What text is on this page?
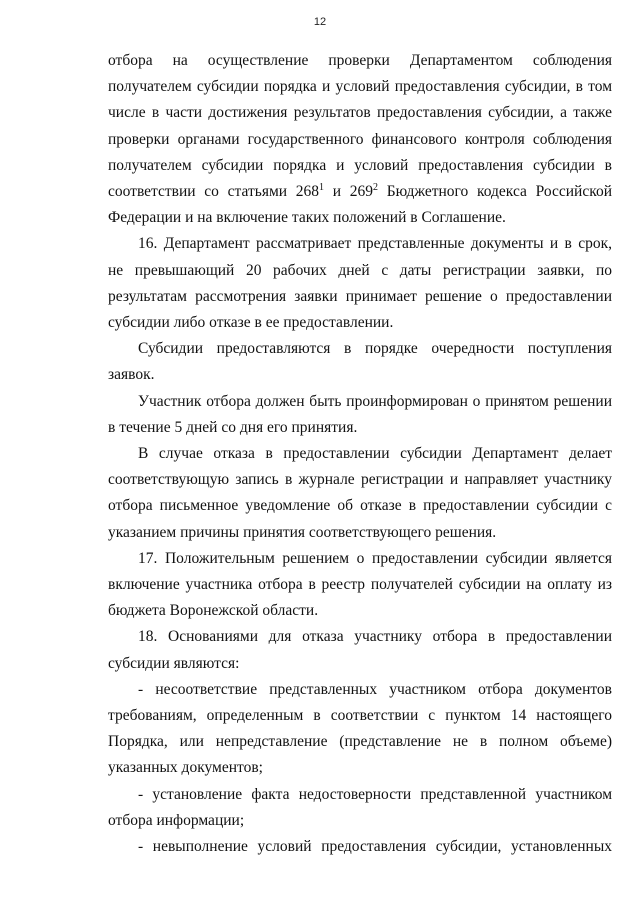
12

отбора на осуществление проверки Департаментом соблюдения получателем субсидии порядка и условий предоставления субсидии, в том числе в части достижения результатов предоставления субсидии, а также проверки органами государственного финансового контроля соблюдения получателем субсидии порядка и условий предоставления субсидии в соответствии со статьями $268^1$ и $269^2$ Бюджетного кодекса Российской Федерации и на включение таких положений в Соглашение.

16. Департамент рассматривает представленные документы и в срок, не превышающий 20 рабочих дней с даты регистрации заявки, по результатам рассмотрения заявки принимает решение о предоставлении субсидии либо отказе в ее предоставлении.

Субсидии предоставляются в порядке очередности поступления заявок.

Участник отбора должен быть проинформирован о принятом решении в течение 5 дней со дня его принятия.

В случае отказа в предоставлении субсидии Департамент делает соответствующую запись в журнале регистрации и направляет участнику отбора письменное уведомление об отказе в предоставлении субсидии с указанием причины принятия соответствующего решения.

17. Положительным решением о предоставлении субсидии является включение участника отбора в реестр получателей субсидии на оплату из бюджета Воронежской области.

18. Основаниями для отказа участнику отбора в предоставлении субсидии являются:

- несоответствие представленных участником отбора документов требованиям, определенным в соответствии с пунктом 14 настоящего Порядка, или непредставление (представление не в полном объеме) указанных документов;

- установление факта недостоверности представленной участником отбора информации;

- невыполнение условий предоставления субсидии, установленных
